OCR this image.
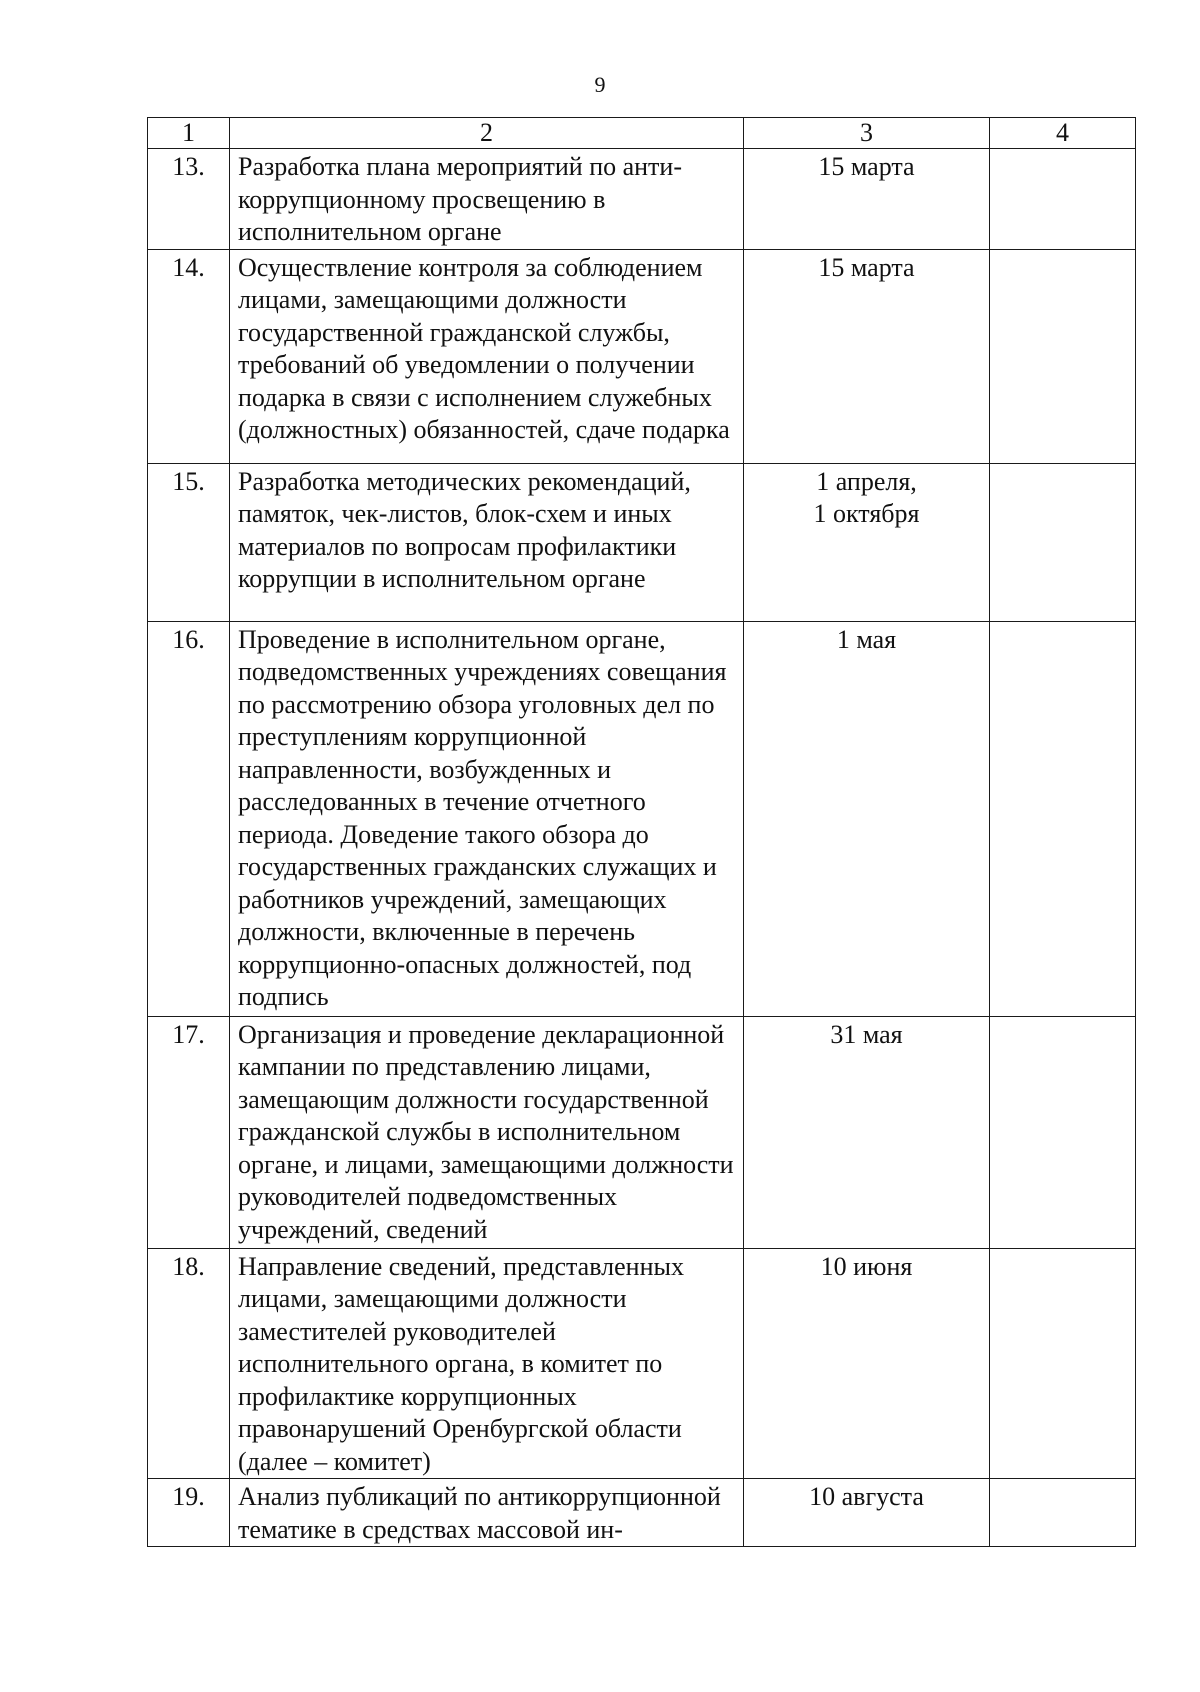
9
1	2	3	4
13.	Разработка плана мероприятий по анти-коррупционному просвещению в исполнительном органе	15 марта	

14.	Осуществление контроля за соблюдением лицами, замещающими должности государственной гражданской службы, требований об уведомлении о получении подарка в связи с исполнением служебных (должностных) обязанностей, сдаче подарка	15 марта	

15.	Разработка методических рекомендаций, памяток, чек-листов, блок-схем и иных материалов по вопросам профилактики коррупции в исполнительном органе	1 апреля,
1 октября	

16.	Проведение в исполнительном органе, подведомственных учреждениях совещания по рассмотрению обзора уголовных дел по преступлениям коррупционной направленности, возбужденных и расследованных в течение отчетного периода. Доведение такого обзора до государственных гражданских служащих и работников учреждений, замещающих должности, включенные в перечень коррупционно-опасных должностей, под подпись	1 мая	

17.	Организация и проведение декларационной кампании по представлению лицами, замещающим должности государственной гражданской службы в исполнительном органе, и лицами, замещающими должности руководителей подведомственных учреждений, сведений	31 мая	

18.	Направление сведений, представленных лицами, замещающими должности заместителей руководителей исполнительного органа, в комитет по профилактике коррупционных правонарушений Оренбургской области (далее – комитет)	10 июня	

19.	Анализ публикаций по антикоррупционной тематике в средствах массовой ин-	10 августа	
